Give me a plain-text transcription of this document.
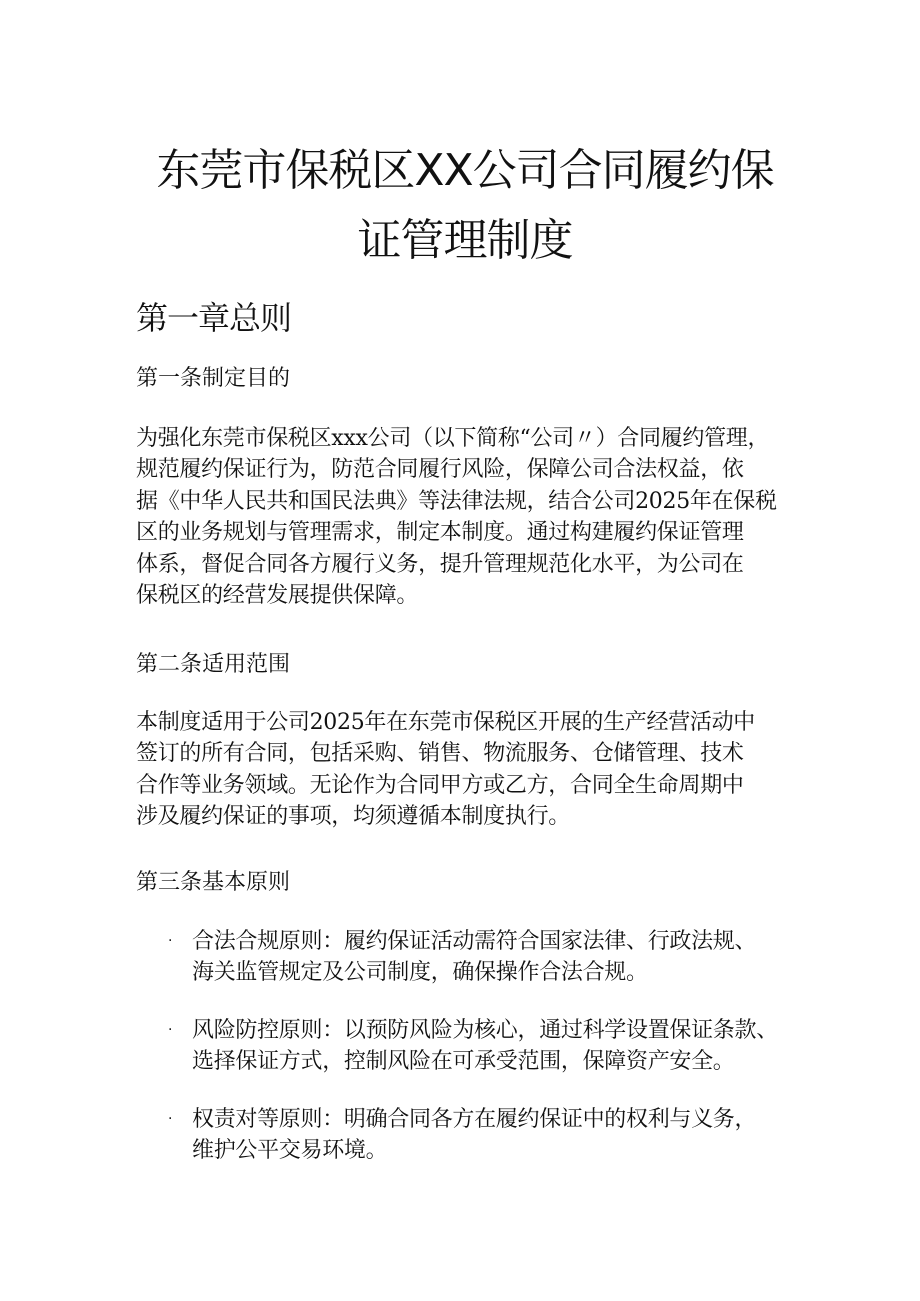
东莞市保税区XX公司合同履约保
证管理制度
第一章总则
第一条制定目的

为强化东莞市保税区xxx公司（以下简称“公司〃）合同履约管理，
规范履约保证行为，防范合同履行风险，保障公司合法权益，依
据《中华人民共和国民法典》等法律法规，结合公司2025年在保税
区的业务规划与管理需求，制定本制度。通过构建履约保证管理
体系，督促合同各方履行义务，提升管理规范化水平，为公司在
保税区的经营发展提供保障。

第二条适用范围

本制度适用于公司2025年在东莞市保税区开展的生产经营活动中
签订的所有合同，包括采购、销售、物流服务、仓储管理、技术
合作等业务领域。无论作为合同甲方或乙方，合同全生命周期中
涉及履约保证的事项，均须遵循本制度执行。

第三条基本原则
· 合法合规原则：履约保证活动需符合国家法律、行政法规、
海关监管规定及公司制度，确保操作合法合规。
· 风险防控原则：以预防风险为核心，通过科学设置保证条款、
选择保证方式，控制风险在可承受范围，保障资产安全。
· 权责对等原则：明确合同各方在履约保证中的权利与义务，
维护公平交易环境。
